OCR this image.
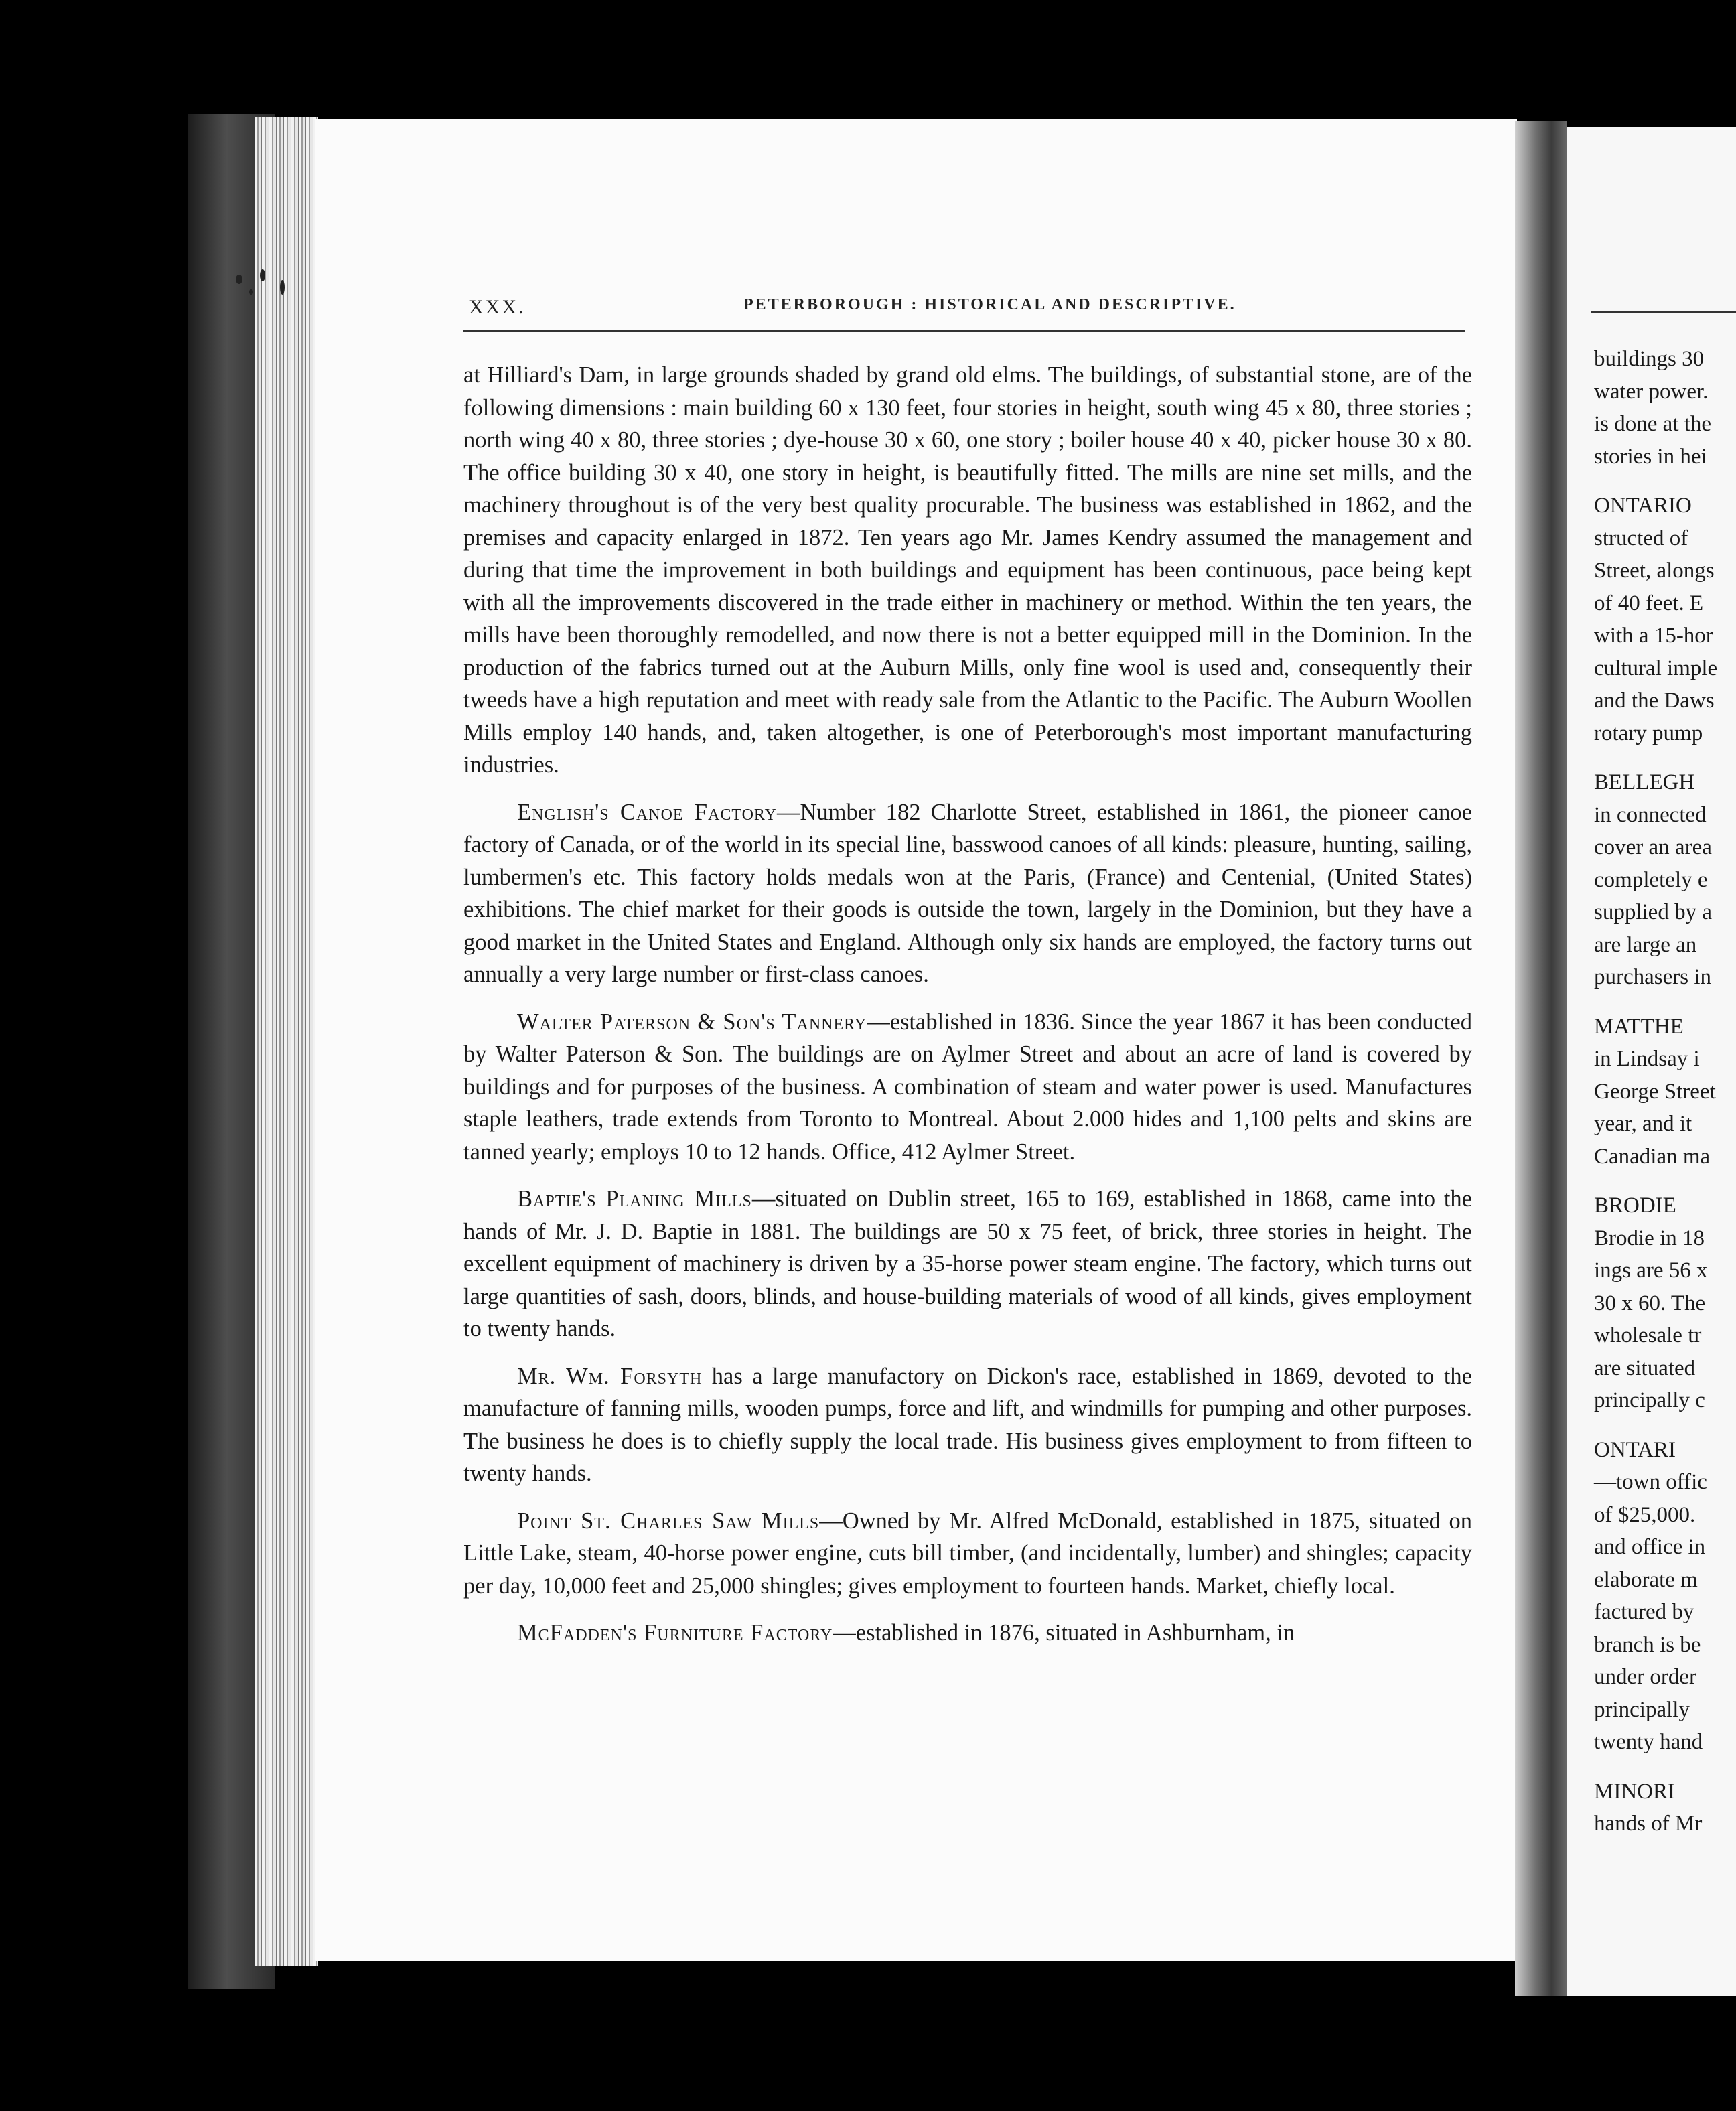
XXX.	PETERBOROUGH : HISTORICAL AND DESCRIPTIVE.

at Hilliard's Dam, in large grounds shaded by grand old elms. The buildings, of substantial stone, are of the following dimensions : main building 60 x 130 feet, four stories in height, south wing 45 x 80, three stories ; north wing 40 x 80, three stories ; dye-house 30 x 60, one story ; boiler house 40 x 40, picker house 30 x 80. The office building 30 x 40, one story in height, is beautifully fitted. The mills are nine set mills, and the machinery throughout is of the very best quality procurable. The business was established in 1862, and the premises and capacity enlarged in 1872. Ten years ago Mr. James Kendry assumed the management and during that time the improvement in both buildings and equipment has been continuous, pace being kept with all the improvements discovered in the trade either in machinery or method. Within the ten years, the mills have been thoroughly remodelled, and now there is not a better equipped mill in the Dominion. In the production of the fabrics turned out at the Auburn Mills, only fine wool is used and, consequently their tweeds have a high reputation and meet with ready sale from the Atlantic to the Pacific. The Auburn Woollen Mills employ 140 hands, and, taken altogether, is one of Peterborough's most important manufacturing industries.

English's Canoe Factory—Number 182 Charlotte Street, established in 1861, the pioneer canoe factory of Canada, or of the world in its special line, basswood canoes of all kinds: pleasure, hunting, sailing, lumbermen's etc. This factory holds medals won at the Paris, (France) and Centenial, (United States) exhibitions. The chief market for their goods is outside the town, largely in the Dominion, but they have a good market in the United States and England. Although only six hands are employed, the factory turns out annually a very large number or first-class canoes.

Walter Paterson & Son's Tannery—established in 1836. Since the year 1867 it has been conducted by Walter Paterson & Son. The buildings are on Aylmer Street and about an acre of land is covered by buildings and for purposes of the business. A combination of steam and water power is used. Manufactures staple leathers, trade extends from Toronto to Montreal. About 2.000 hides and 1,100 pelts and skins are tanned yearly; employs 10 to 12 hands. Office, 412 Aylmer Street.

Baptie's Planing Mills—situated on Dublin street, 165 to 169, established in 1868, came into the hands of Mr. J. D. Baptie in 1881. The buildings are 50 x 75 feet, of brick, three stories in height. The excellent equipment of machinery is driven by a 35-horse power steam engine. The factory, which turns out large quantities of sash, doors, blinds, and house-building materials of wood of all kinds, gives employment to twenty hands.

Mr. Wm. Forsyth has a large manufactory on Dickon's race, established in 1869, devoted to the manufacture of fanning mills, wooden pumps, force and lift, and windmills for pumping and other purposes. The business he does is to chiefly supply the local trade. His business gives employment to from fifteen to twenty hands.

Point St. Charles Saw Mills—Owned by Mr. Alfred McDonald, established in 1875, situated on Little Lake, steam, 40-horse power engine, cuts bill timber, (and incidentally, lumber) and shingles; capacity per day, 10,000 feet and 25,000 shingles; gives employment to fourteen hands. Market, chiefly local.

McFadden's Furniture Factory—established in 1876, situated in Ashburnham, in

buildings 30
water power.
is done at the
stories in hei
ONTARIO
structed of
Street, alongs
of 40 feet. E
with a 15-hor
cultural imple
and the Daws
rotary pump
BELLEGH
in connected
cover an area
completely e
supplied by a
are large an
purchasers in
MATTHE
in Lindsay i
George Street
year, and it
Canadian ma
BRODIE
Brodie in 18
ings are 56 x
30 x 60. The
wholesale tr
are situated
principally c
ONTARI
—town offic
of $25,000.
and office in
elaborate m
factured by
branch is be
under order
principally
twenty hand
MINORI
hands of Mr
